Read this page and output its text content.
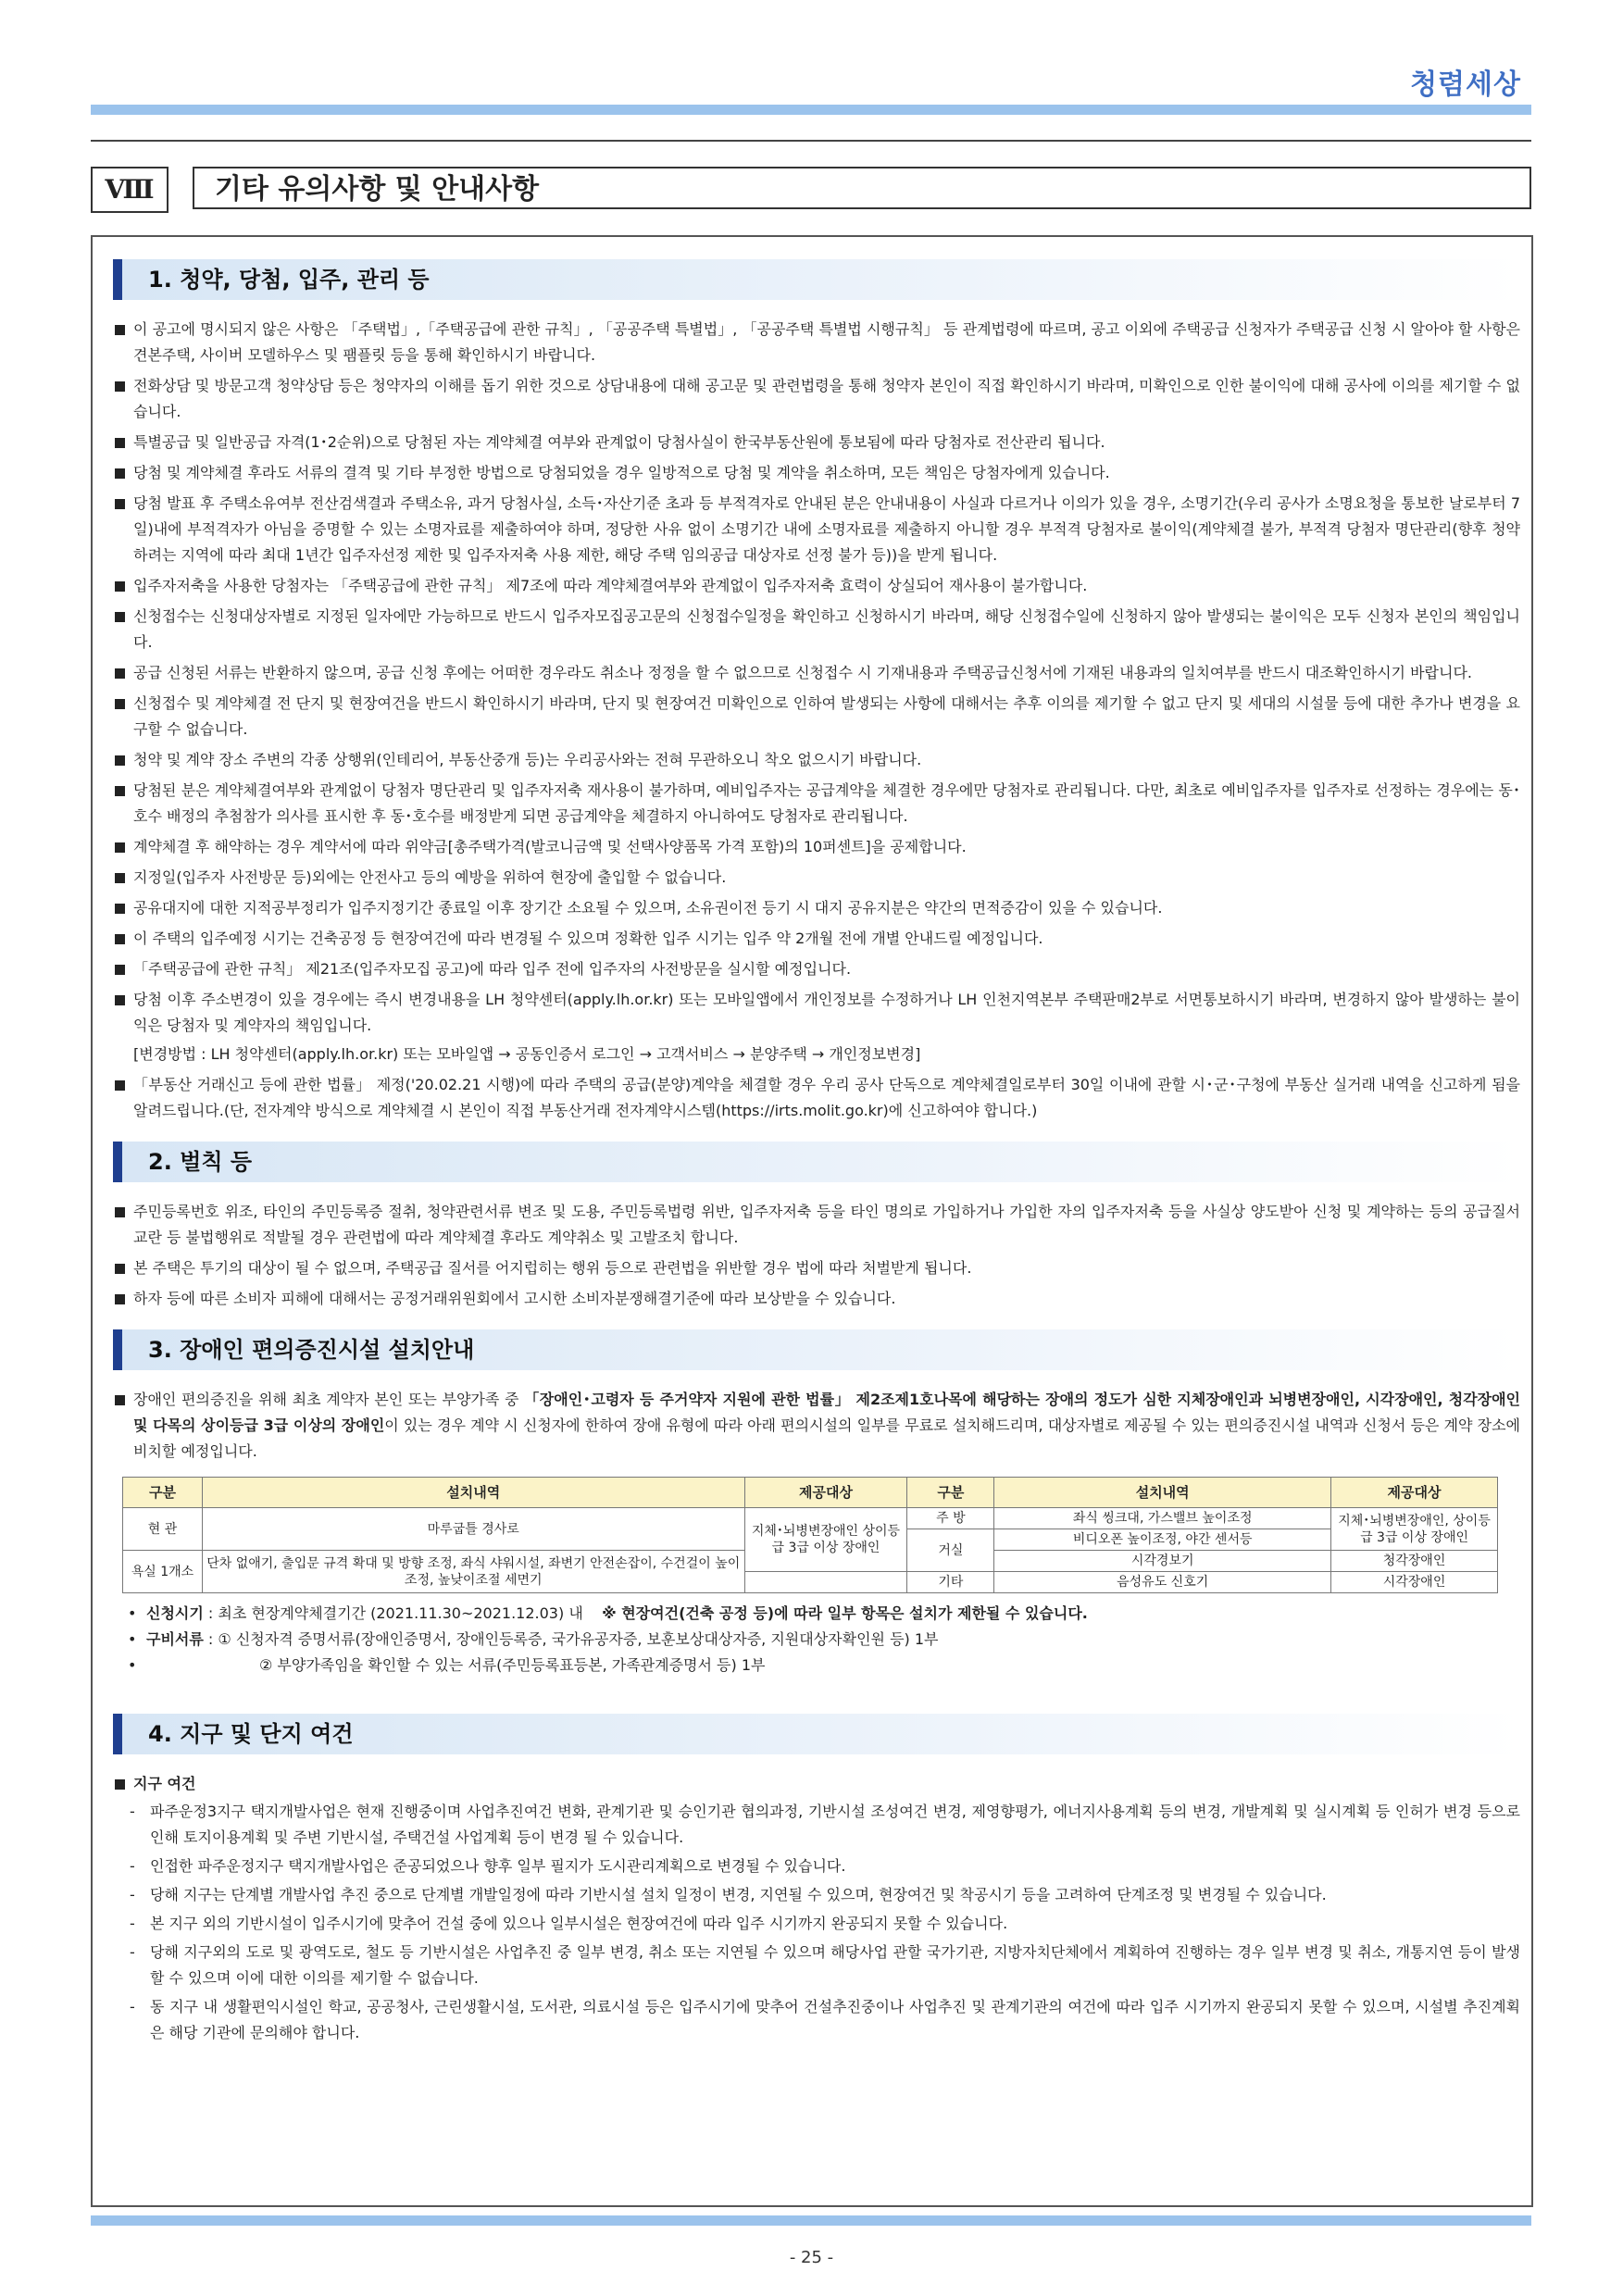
청렴세상
Ⅷ	기타 유의사항 및 안내사항
1. 청약, 당첨, 입주, 관리 등
이 공고에 명시되지 않은 사항은 「주택법」,「주택공급에 관한 규칙」, 「공공주택 특별법」, 「공공주택 특별법 시행규칙」 등 관계법령에 따르며, 공고 이외에 주택공급 신청자가 주택공급 신청 시 알아야 할 사항은 견본주택, 사이버 모델하우스 및 팸플릿 등을 통해 확인하시기 바랍니다.
전화상담 및 방문고객 청약상담 등은 청약자의 이해를 돕기 위한 것으로 상담내용에 대해 공고문 및 관련법령을 통해 청약자 본인이 직접 확인하시기 바라며, 미확인으로 인한 불이익에 대해 공사에 이의를 제기할 수 없습니다.
특별공급 및 일반공급 자격(1･2순위)으로 당첨된 자는 계약체결 여부와 관계없이 당첨사실이 한국부동산원에 통보됨에 따라 당첨자로 전산관리 됩니다.
당첨 및 계약체결 후라도 서류의 결격 및 기타 부정한 방법으로 당첨되었을 경우 일방적으로 당첨 및 계약을 취소하며, 모든 책임은 당첨자에게 있습니다.
당첨 발표 후 주택소유여부 전산검색결과 주택소유, 과거 당첨사실, 소득･자산기준 초과 등 부적격자로 안내된 분은 안내내용이 사실과 다르거나 이의가 있을 경우, 소명기간(우리 공사가 소명요청을 통보한 날로부터 7일)내에 부적격자가 아님을 증명할 수 있는 소명자료를 제출하여야 하며, 정당한 사유 없이 소명기간 내에 소명자료를 제출하지 아니할 경우 부적격 당첨자로 불이익(계약체결 불가, 부적격 당첨자 명단관리(향후 청약하려는 지역에 따라 최대 1년간 입주자선정 제한 및 입주자저축 사용 제한, 해당 주택 임의공급 대상자로 선정 불가 등))을 받게 됩니다.
입주자저축을 사용한 당첨자는 「주택공급에 관한 규칙」 제7조에 따라 계약체결여부와 관계없이 입주자저축 효력이 상실되어 재사용이 불가합니다.
신청접수는 신청대상자별로 지정된 일자에만 가능하므로 반드시 입주자모집공고문의 신청접수일정을 확인하고 신청하시기 바라며, 해당 신청접수일에 신청하지 않아 발생되는 불이익은 모두 신청자 본인의 책임입니다.
공급 신청된 서류는 반환하지 않으며, 공급 신청 후에는 어떠한 경우라도 취소나 정정을 할 수 없으므로 신청접수 시 기재내용과 주택공급신청서에 기재된 내용과의 일치여부를 반드시 대조확인하시기 바랍니다.
신청접수 및 계약체결 전 단지 및 현장여건을 반드시 확인하시기 바라며, 단지 및 현장여건 미확인으로 인하여 발생되는 사항에 대해서는 추후 이의를 제기할 수 없고 단지 및 세대의 시설물 등에 대한 추가나 변경을 요구할 수 없습니다.
청약 및 계약 장소 주변의 각종 상행위(인테리어, 부동산중개 등)는 우리공사와는 전혀 무관하오니 착오 없으시기 바랍니다.
당첨된 분은 계약체결여부와 관계없이 당첨자 명단관리 및 입주자저축 재사용이 불가하며, 예비입주자는 공급계약을 체결한 경우에만 당첨자로 관리됩니다. 다만, 최초로 예비입주자를 입주자로 선정하는 경우에는 동･호수 배정의 추첨참가 의사를 표시한 후 동･호수를 배정받게 되면 공급계약을 체결하지 아니하여도 당첨자로 관리됩니다.
계약체결 후 해약하는 경우 계약서에 따라 위약금[총주택가격(발코니금액 및 선택사양품목 가격 포함)의 10퍼센트]을 공제합니다.
지정일(입주자 사전방문 등)외에는 안전사고 등의 예방을 위하여 현장에 출입할 수 없습니다.
공유대지에 대한 지적공부정리가 입주지정기간 종료일 이후 장기간 소요될 수 있으며, 소유권이전 등기 시 대지 공유지분은 약간의 면적증감이 있을 수 있습니다.
이 주택의 입주예정 시기는 건축공정 등 현장여건에 따라 변경될 수 있으며 정확한 입주 시기는 입주 약 2개월 전에 개별 안내드릴 예정입니다.
「주택공급에 관한 규칙」 제21조(입주자모집 공고)에 따라 입주 전에 입주자의 사전방문을 실시할 예정입니다.
당첨 이후 주소변경이 있을 경우에는 즉시 변경내용을 LH 청약센터(apply.lh.or.kr) 또는 모바일앱에서 개인정보를 수정하거나 LH 인천지역본부 주택판매2부로 서면통보하시기 바라며, 변경하지 않아 발생하는 불이익은 당첨자 및 계약자의 책임입니다.
[변경방법 : LH 청약센터(apply.lh.or.kr) 또는 모바일앱 → 공동인증서 로그인 → 고객서비스 → 분양주택 → 개인정보변경]
「부동산 거래신고 등에 관한 법률」 제정('20.02.21 시행)에 따라 주택의 공급(분양)계약을 체결할 경우 우리 공사 단독으로 계약체결일로부터 30일 이내에 관할 시･군･구청에 부동산 실거래 내역을 신고하게 됨을 알려드립니다.(단, 전자계약 방식으로 계약체결 시 본인이 직접 부동산거래 전자계약시스템(https://irts.molit.go.kr)에 신고하여야 합니다.)
2. 벌칙 등
주민등록번호 위조, 타인의 주민등록증 절취, 청약관련서류 변조 및 도용, 주민등록법령 위반, 입주자저축 등을 타인 명의로 가입하거나 가입한 자의 입주자저축 등을 사실상 양도받아 신청 및 계약하는 등의 공급질서 교란 등 불법행위로 적발될 경우 관련법에 따라 계약체결 후라도 계약취소 및 고발조치 합니다.
본 주택은 투기의 대상이 될 수 없으며, 주택공급 질서를 어지럽히는 행위 등으로 관련법을 위반할 경우 법에 따라 처벌받게 됩니다.
하자 등에 따른 소비자 피해에 대해서는 공정거래위원회에서 고시한 소비자분쟁해결기준에 따라 보상받을 수 있습니다.
3. 장애인 편의증진시설 설치안내
장애인 편의증진을 위해 최초 계약자 본인 또는 부양가족 중 「장애인･고령자 등 주거약자 지원에 관한 법률」 제2조제1호나목에 해당하는 장애의 정도가 심한 지체장애인과 뇌병변장애인, 시각장애인, 청각장애인 및 다목의 상이등급 3급 이상의 장애인이 있는 경우 계약 시 신청자에 한하여 장애 유형에 따라 아래 편의시설의 일부를 무료로 설치해드리며, 대상자별로 제공될 수 있는 편의증진시설 내역과 신청서 등은 계약 장소에 비치할 예정입니다.
구분	설치내역	제공대상	구분	설치내역	제공대상
현 관	마루굽틀 경사로	지체･뇌병변장애인 상이등급 3급 이상 장애인	주 방	좌식 씽크대, 가스밸브 높이조정	지체･뇌병변장애인, 상이등급 3급 이상 장애인
			거실	비디오폰 높이조정, 야간 센서등	
욕실 1개소	단차 없애기, 출입문 규격 확대 및 방향 조정, 좌식 샤워시설, 좌변기 안전손잡이, 수건걸이 높이조정, 높낮이조절 세면기			시각경보기	청각장애인
			기타	음성유도 신호기	시각장애인
• 신청시기 : 최초 현장계약체결기간 (2021.11.30~2021.12.03) 내 ※ 현장여건(건축 공정 등)에 따라 일부 항목은 설치가 제한될 수 있습니다.
• 구비서류 : ① 신청자격 증명서류(장애인증명서, 장애인등록증, 국가유공자증, 보훈보상대상자증, 지원대상자확인원 등) 1부
• ② 부양가족임을 확인할 수 있는 서류(주민등록표등본, 가족관계증명서 등) 1부
4. 지구 및 단지 여건
지구 여건
- 파주운정3지구 택지개발사업은 현재 진행중이며 사업추진여건 변화, 관계기관 및 승인기관 협의과정, 기반시설 조성여건 변경, 제영향평가, 에너지사용계획 등의 변경, 개발계획 및 실시계획 등 인허가 변경 등으로 인해 토지이용계획 및 주변 기반시설, 주택건설 사업계획 등이 변경 될 수 있습니다.
- 인접한 파주운정지구 택지개발사업은 준공되었으나 향후 일부 필지가 도시관리계획으로 변경될 수 있습니다.
- 당해 지구는 단계별 개발사업 추진 중으로 단계별 개발일정에 따라 기반시설 설치 일정이 변경, 지연될 수 있으며, 현장여건 및 착공시기 등을 고려하여 단계조정 및 변경될 수 있습니다.
- 본 지구 외의 기반시설이 입주시기에 맞추어 건설 중에 있으나 일부시설은 현장여건에 따라 입주 시기까지 완공되지 못할 수 있습니다.
- 당해 지구외의 도로 및 광역도로, 철도 등 기반시설은 사업추진 중 일부 변경, 취소 또는 지연될 수 있으며 해당사업 관할 국가기관, 지방자치단체에서 계획하여 진행하는 경우 일부 변경 및 취소, 개통지연 등이 발생할 수 있으며 이에 대한 이의를 제기할 수 없습니다.
- 동 지구 내 생활편익시설인 학교, 공공청사, 근린생활시설, 도서관, 의료시설 등은 입주시기에 맞추어 건설추진중이나 사업추진 및 관계기관의 여건에 따라 입주 시기까지 완공되지 못할 수 있으며, 시설별 추진계획은 해당 기관에 문의해야 합니다.
- 25 -
